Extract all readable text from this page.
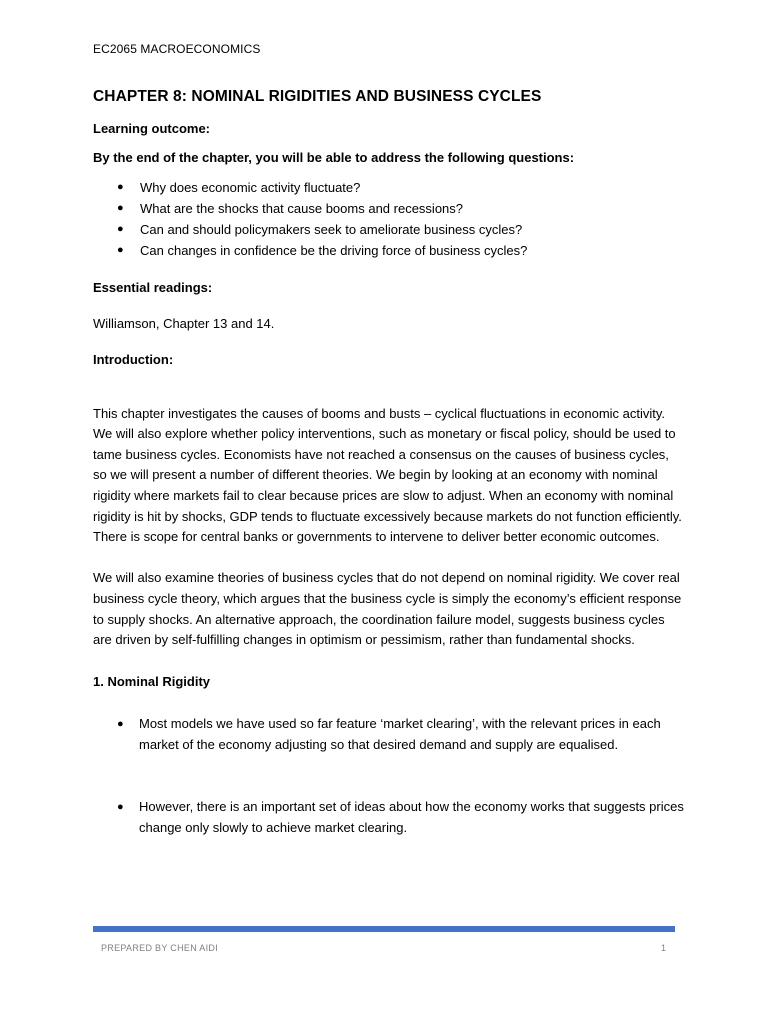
EC2065 MACROECONOMICS
CHAPTER 8: NOMINAL RIGIDITIES AND BUSINESS CYCLES
Learning outcome:
By the end of the chapter, you will be able to address the following questions:
● Why does economic activity fluctuate?
● What are the shocks that cause booms and recessions?
● Can and should policymakers seek to ameliorate business cycles?
● Can changes in confidence be the driving force of business cycles?
Essential readings:
Williamson, Chapter 13 and 14.
Introduction:

This chapter investigates the causes of booms and busts – cyclical fluctuations in economic activity. We will also explore whether policy interventions, such as monetary or fiscal policy, should be used to tame business cycles. Economists have not reached a consensus on the causes of business cycles, so we will present a number of different theories. We begin by looking at an economy with nominal rigidity where markets fail to clear because prices are slow to adjust. When an economy with nominal rigidity is hit by shocks, GDP tends to fluctuate excessively because markets do not function efficiently. There is scope for central banks or governments to intervene to deliver better economic outcomes.

We will also examine theories of business cycles that do not depend on nominal rigidity. We cover real business cycle theory, which argues that the business cycle is simply the economy’s efficient response to supply shocks. An alternative approach, the coordination failure model, suggests business cycles are driven by self-fulfilling changes in optimism or pessimism, rather than fundamental shocks.

1. Nominal Rigidity
● Most models we have used so far feature ‘market clearing’, with the relevant prices in each market of the economy adjusting so that desired demand and supply are equalised.
● However, there is an important set of ideas about how the economy works that suggests prices change only slowly to achieve market clearing.
PREPARED BY CHEN AIDI	1
